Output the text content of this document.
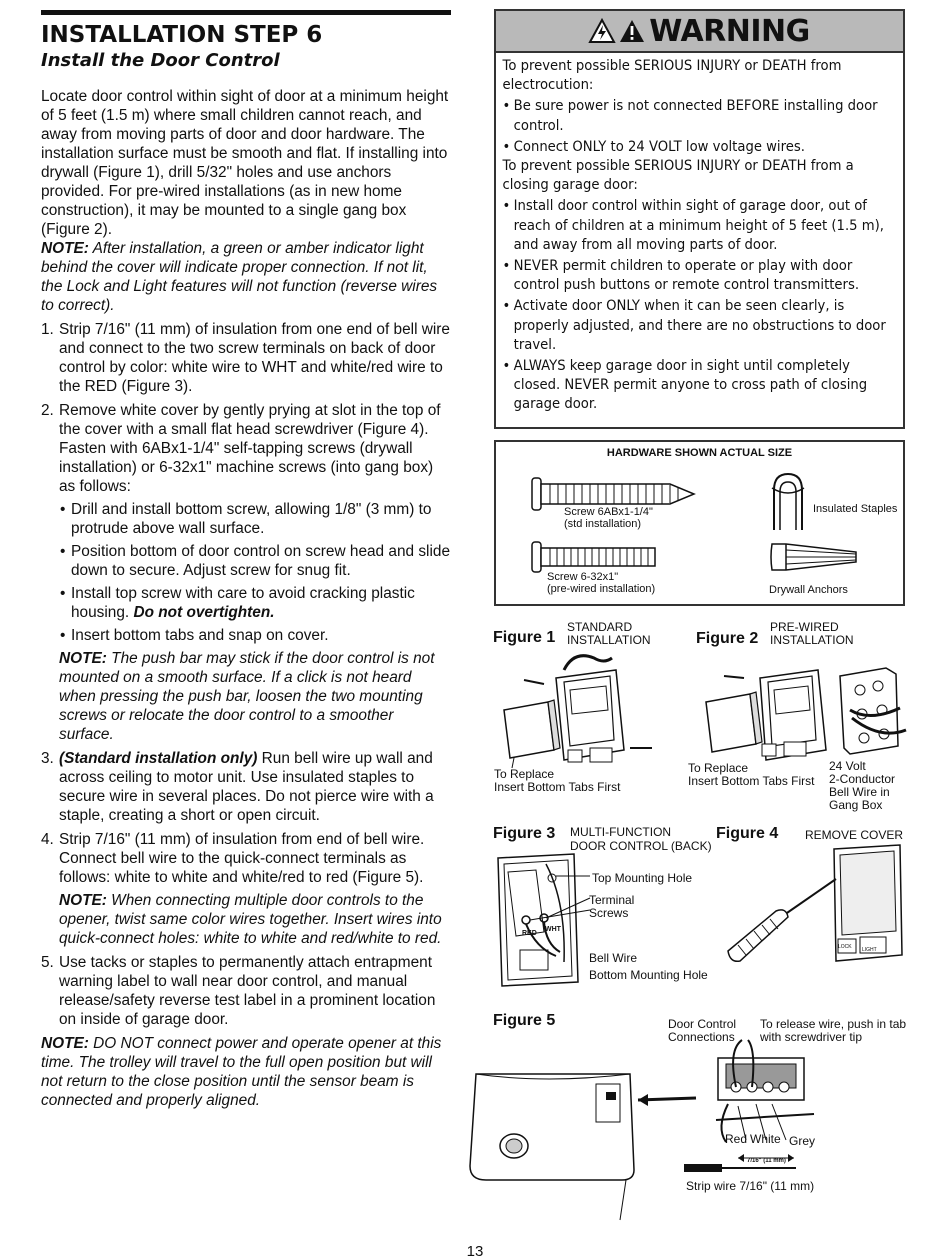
INSTALLATION STEP 6
Install the Door Control

Locate door control within sight of door at a minimum height of 5 feet (1.5 m) where small children cannot reach, and away from moving parts of door and door hardware. The installation surface must be smooth and flat. If installing into drywall (Figure 1), drill 5/32" holes and use anchors provided. For pre-wired installations (as in new home construction), it may be mounted to a single gang box (Figure 2).

NOTE: After installation, a green or amber indicator light behind the cover will indicate proper connection. If not lit, the Lock and Light features will not function (reverse wires to correct).

1. Strip 7/16" (11 mm) of insulation from one end of bell wire and connect to the two screw terminals on back of door control by color: white wire to WHT and white/red wire to the RED (Figure 3).
2. Remove white cover by gently prying at slot in the top of the cover with a small flat head screwdriver (Figure 4). Fasten with 6ABx1-1/4" self-tapping screws (drywall installation) or 6-32x1" machine screws (into gang box) as follows:
• Drill and install bottom screw, allowing 1/8" (3 mm) to protrude above wall surface.
• Position bottom of door control on screw head and slide down to secure. Adjust screw for snug fit.
• Install top screw with care to avoid cracking plastic housing. Do not overtighten.
• Insert bottom tabs and snap on cover.

NOTE: The push bar may stick if the door control is not mounted on a smooth surface. If a click is not heard when pressing the push bar, loosen the two mounting screws or relocate the door control to a smoother surface.

3. (Standard installation only) Run bell wire up wall and across ceiling to motor unit. Use insulated staples to secure wire in several places. Do not pierce wire with a staple, creating a short or open circuit.
4. Strip 7/16" (11 mm) of insulation from end of bell wire. Connect bell wire to the quick-connect terminals as follows: white to white and white/red to red (Figure 5).

NOTE: When connecting multiple door controls to the opener, twist same color wires together. Insert wires into quick-connect holes: white to white and red/white to red.

5. Use tacks or staples to permanently attach entrapment warning label to wall near door control, and manual release/safety reverse test label in a prominent location on inside of garage door.

NOTE: DO NOT connect power and operate opener at this time. The trolley will travel to the full open position but will not return to the close position until the sensor beam is connected and properly aligned.

WARNING
To prevent possible SERIOUS INJURY or DEATH from electrocution:
• Be sure power is not connected BEFORE installing door control.
• Connect ONLY to 24 VOLT low voltage wires.
To prevent possible SERIOUS INJURY or DEATH from a closing garage door:
• Install door control within sight of garage door, out of reach of children at a minimum height of 5 feet (1.5 m), and away from all moving parts of door.
• NEVER permit children to operate or play with door control push buttons or remote control transmitters.
• Activate door ONLY when it can be seen clearly, is properly adjusted, and there are no obstructions to door travel.
• ALWAYS keep garage door in sight until completely closed. NEVER permit anyone to cross path of closing garage door.
HARDWARE SHOWN ACTUAL SIZE
Screw 6ABx1-1/4"
(std installation)
Screw 6-32x1"
(pre-wired installation)
Insulated Staples
Drywall Anchors
Figure 1
STANDARD
INSTALLATION
To Replace
Insert Bottom Tabs First
Figure 2
PRE-WIRED
INSTALLATION
To Replace
Insert Bottom Tabs First
24 Volt
2-Conductor
Bell Wire in
Gang Box
Figure 3 MULTI-FUNCTION
DOOR CONTROL (BACK)
RED
WHT
Top Mounting Hole
Terminal
Screws
Bell Wire
Bottom Mounting Hole
Figure 4 REMOVE COVER
LOCK LIGHT
Figure 5	Door Control
Connections
To release wire, push in tab
with screwdriver tip
Red White Grey
7/16" (11 mm)
Strip wire 7/16" (11 mm)
13
